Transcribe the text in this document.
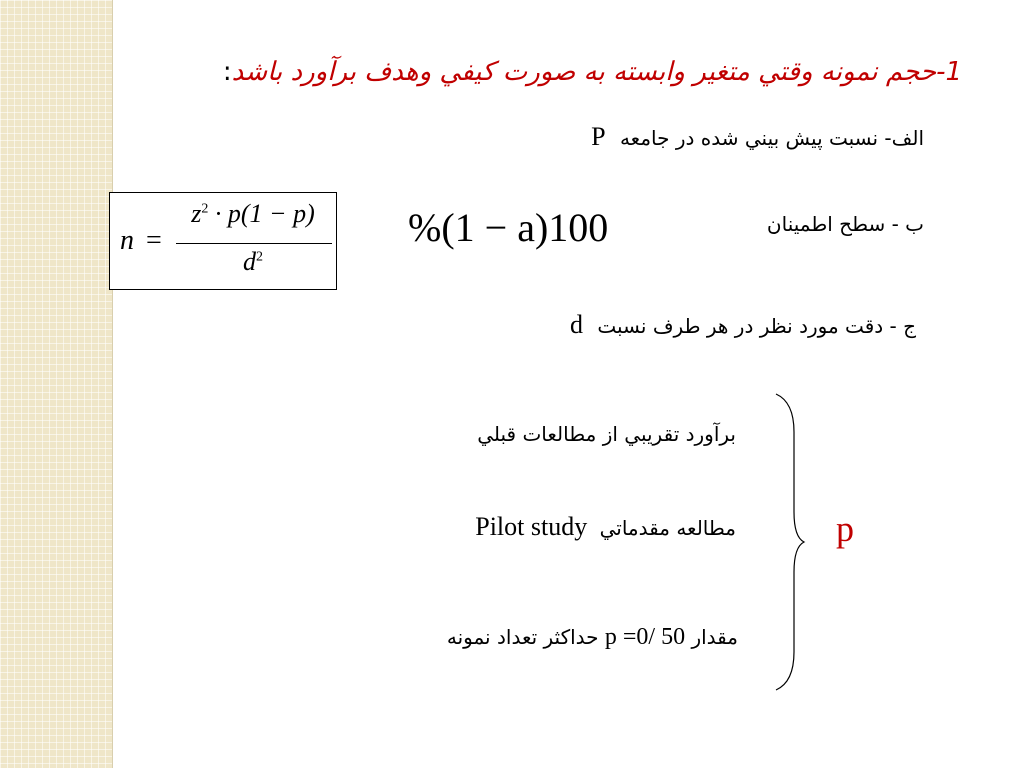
1-حجم نمونه وقتي متغير وابسته به صورت كيفي وهدف برآورد باشد:
الف- نسبت پيش بيني شده در جامعه P
n =
$z^2 \cdot p(1 - p)$
$d^2$
%(1 − a)100	ب - سطح اطمينان
ج - دقت مورد نظر در هر طرف نسبت d
برآورد تقريبي از مطالعات قبلي
مطالعه مقدماتي Pilot study
مقدار p =0/ 50 حداكثر تعداد نمونه
p
